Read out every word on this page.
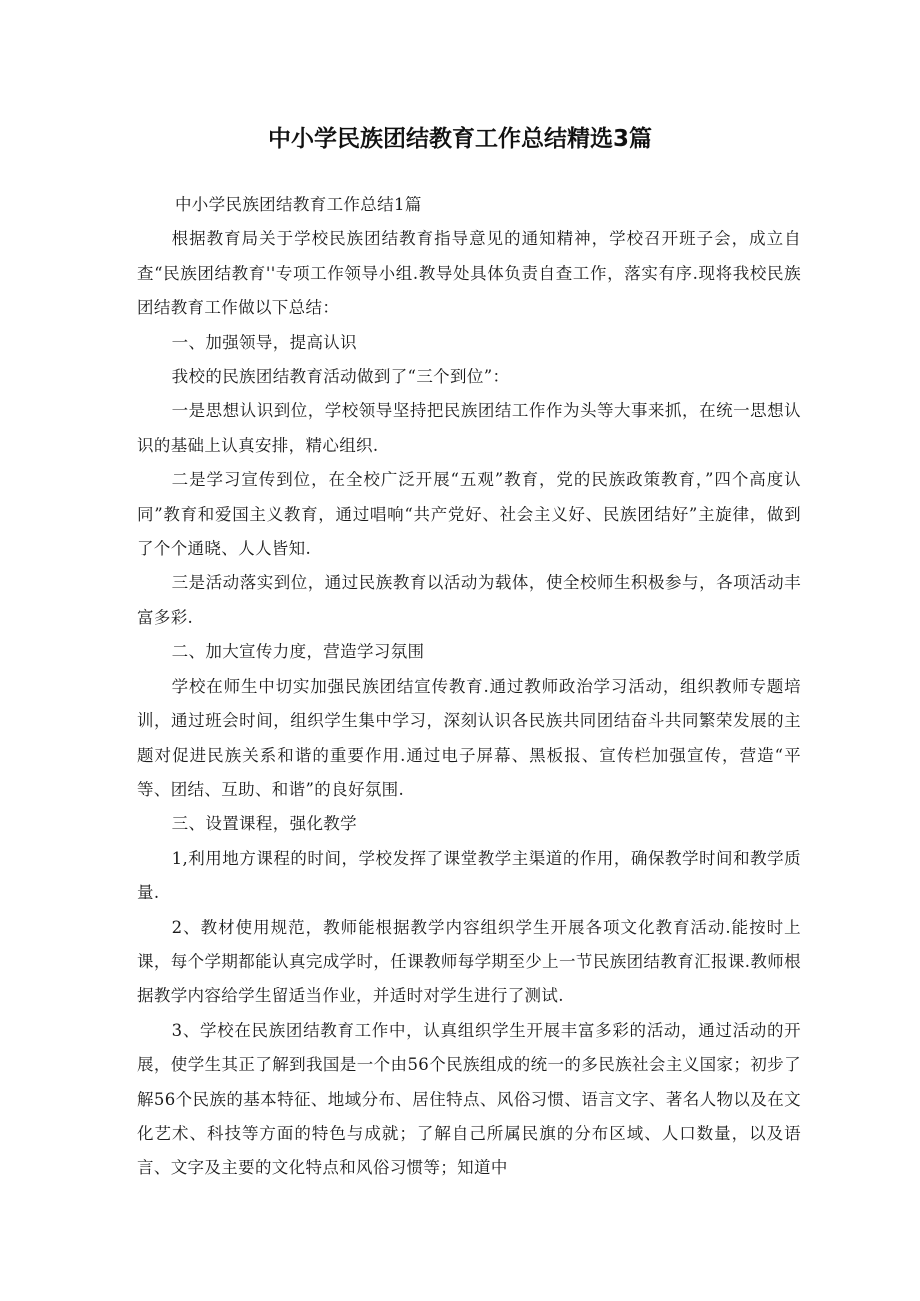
中小学民族团结教育工作总结精选3篇

中小学民族团结教育工作总结1篇

根据教育局关于学校民族团结教育指导意见的通知精神，学校召开班子会，成立自查“民族团结教育''专项工作领导小组.教导处具体负责自查工作，落实有序.现将我校民族团结教育工作做以下总结：

一、加强领导，提高认识

我校的民族团结教育活动做到了“三个到位”：

一是思想认识到位，学校领导坚持把民族团结工作作为头等大事来抓，在统一思想认识的基础上认真安排，精心组织.

二是学习宣传到位，在全校广泛开展“五观”教育，党的民族政策教育，”四个高度认同”教育和爱国主义教育，通过唱响“共产党好、社会主义好、民族团结好”主旋律，做到了个个通晓、人人皆知.

三是活动落实到位，通过民族教育以活动为载体，使全校师生积极参与，各项活动丰富多彩.

二、加大宣传力度，营造学习氛围

学校在师生中切实加强民族团结宣传教育.通过教师政治学习活动，组织教师专题培训，通过班会时间，组织学生集中学习，深刻认识各民族共同团结奋斗共同繁荣发展的主题对促进民族关系和谐的重要作用.通过电子屏幕、黑板报、宣传栏加强宣传，营造“平等、团结、互助、和谐”的良好氛围.

三、设置课程，强化教学

1,利用地方课程的时间，学校发挥了课堂教学主渠道的作用，确保教学时间和教学质量.

2、教材使用规范，教师能根据教学内容组织学生开展各项文化教育活动.能按时上课，每个学期都能认真完成学时，任课教师每学期至少上一节民族团结教育汇报课.教师根据教学内容给学生留适当作业，并适时对学生进行了测试.

3、学校在民族团结教育工作中，认真组织学生开展丰富多彩的活动，通过活动的开展，使学生其正了解到我国是一个由56个民族组成的统一的多民族社会主义国家；初步了解56个民族的基本特征、地域分布、居住特点、风俗习惯、语言文字、著名人物以及在文化艺术、科技等方面的特色与成就；了解自己所属民旗的分布区域、人口数量，以及语言、文字及主要的文化特点和风俗习惯等；知道中
